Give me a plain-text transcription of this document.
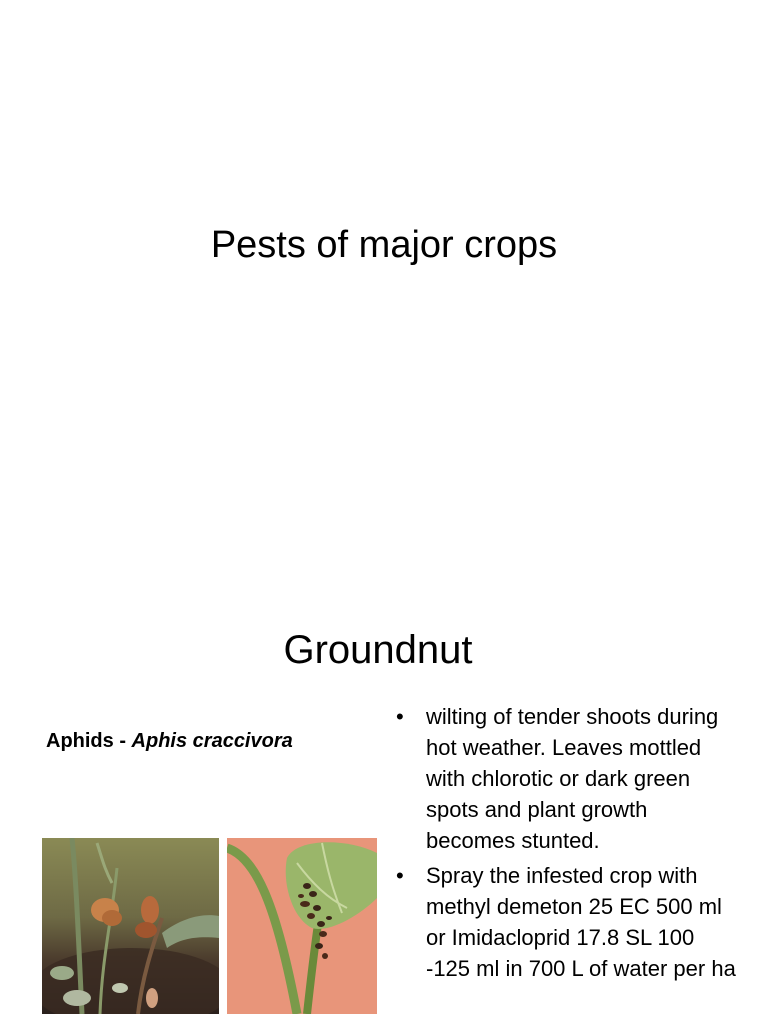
Pests of major crops
Groundnut
Aphids - Aphis craccivora
• wilting of tender shoots during hot weather. Leaves mottled with chlorotic or dark green spots and plant growth becomes stunted.
• Spray the infested crop with methyl demeton 25 EC 500 ml or Imidacloprid 17.8 SL 100 -125 ml in 700 L of water per ha
